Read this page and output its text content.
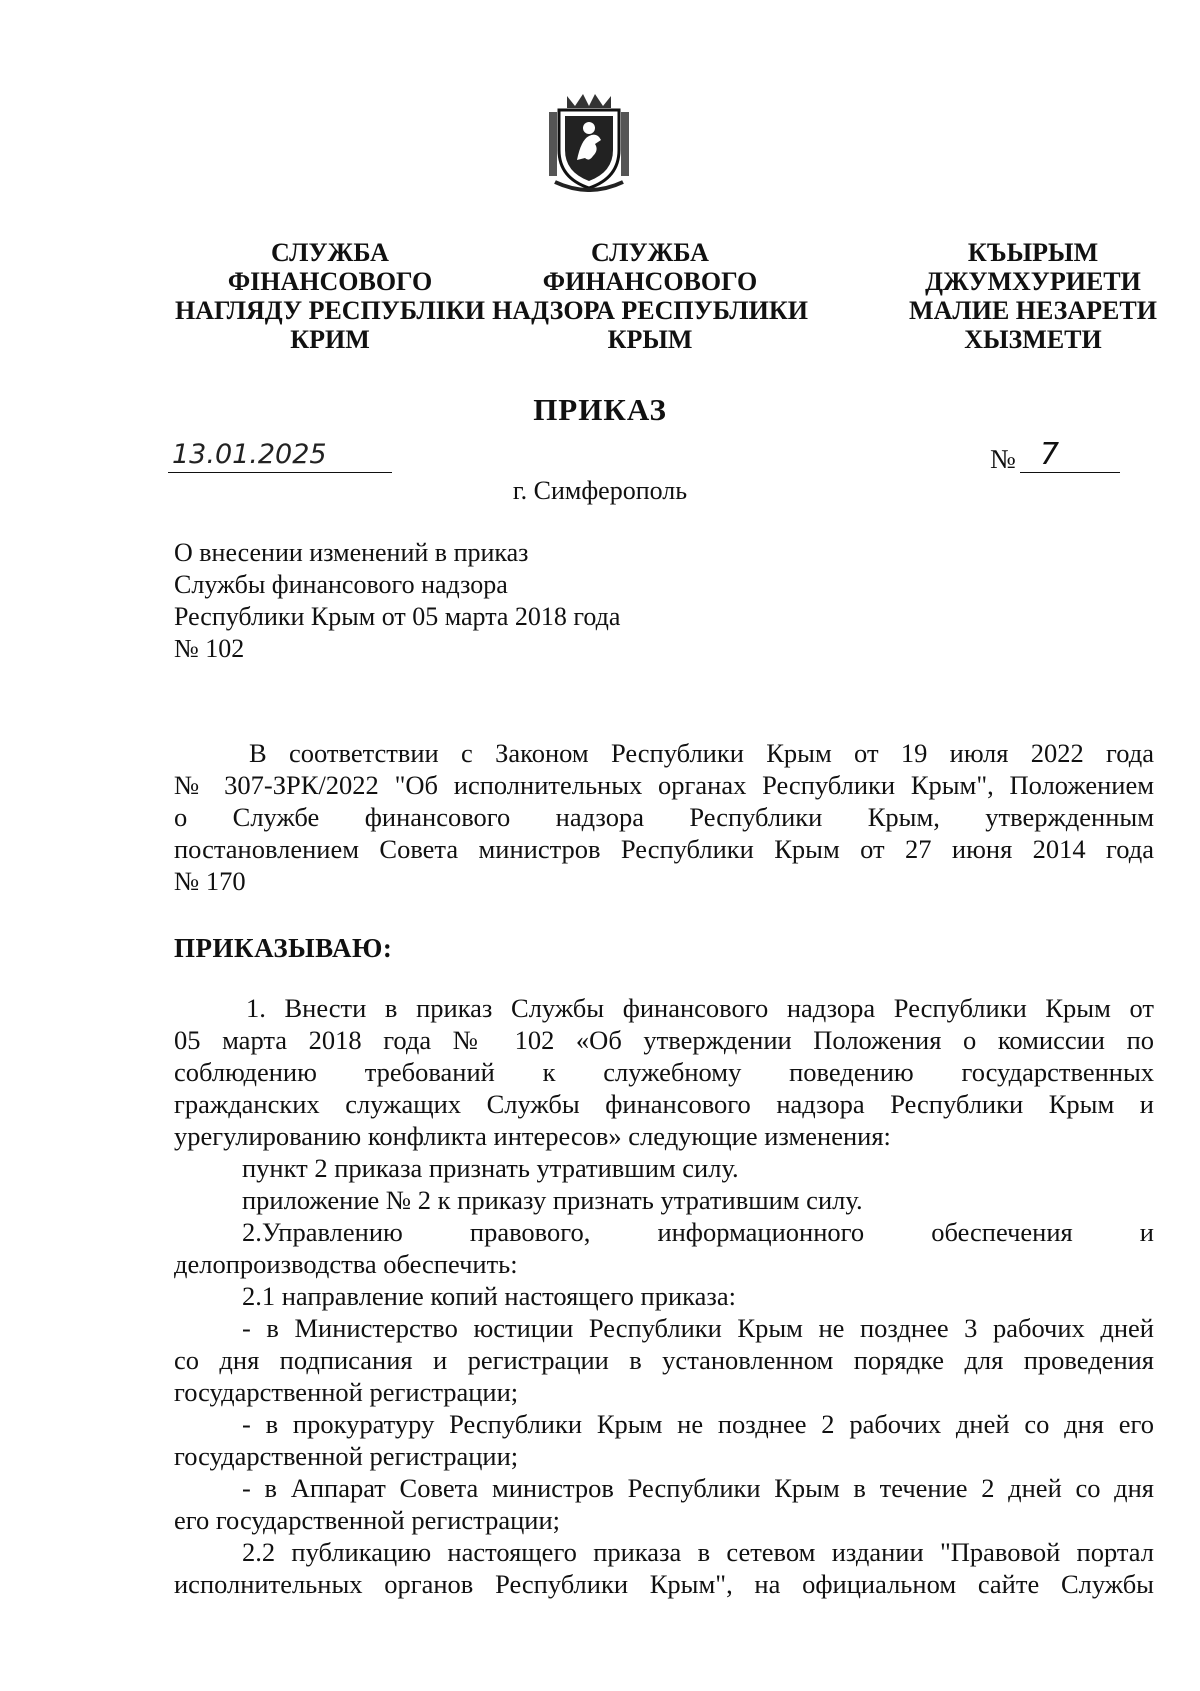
СЛУЖБА
ФІНАНСОВОГО
НАГЛЯДУ РЕСПУБЛІКИ
КРИМ
СЛУЖБА
ФИНАНСОВОГО
НАДЗОРА РЕСПУБЛИКИ
КРЫМ
КЪЫРЫМ
ДЖУМХУРИЕТИ
МАЛИЕ НЕЗАРЕТИ
ХЫЗМЕТИ
ПРИКАЗ
13.01.2025	№ 7
г. Симферополь
О внесении изменений в приказ
Службы финансового надзора
Республики Крым от 05 марта 2018 года
№ 102
В соответствии с Законом Республики Крым от 19 июля 2022 года
№ 307-ЗРК/2022 "Об исполнительных органах Республики Крым", Положением
о Службе финансового надзора Республики Крым, утвержденным
постановлением Совета министров Республики Крым от 27 июня 2014 года
№ 170
ПРИКАЗЫВАЮ:
1. Внести в приказ Службы финансового надзора Республики Крым от
05 марта 2018 года № 102 «Об утверждении Положения о комиссии по
соблюдению требований к служебному поведению государственных
гражданских служащих Службы финансового надзора Республики Крым и
урегулированию конфликта интересов» следующие изменения:
пункт 2 приказа признать утратившим силу.
приложение № 2 к приказу признать утратившим силу.
2.Управлению правового, информационного обеспечения и
делопроизводства обеспечить:
2.1 направление копий настоящего приказа:
- в Министерство юстиции Республики Крым не позднее 3 рабочих дней
со дня подписания и регистрации в установленном порядке для проведения
государственной регистрации;
- в прокуратуру Республики Крым не позднее 2 рабочих дней со дня его
государственной регистрации;
- в Аппарат Совета министров Республики Крым в течение 2 дней со дня
его государственной регистрации;
2.2 публикацию настоящего приказа в сетевом издании "Правовой портал
исполнительных органов Республики Крым", на официальном сайте Службы
